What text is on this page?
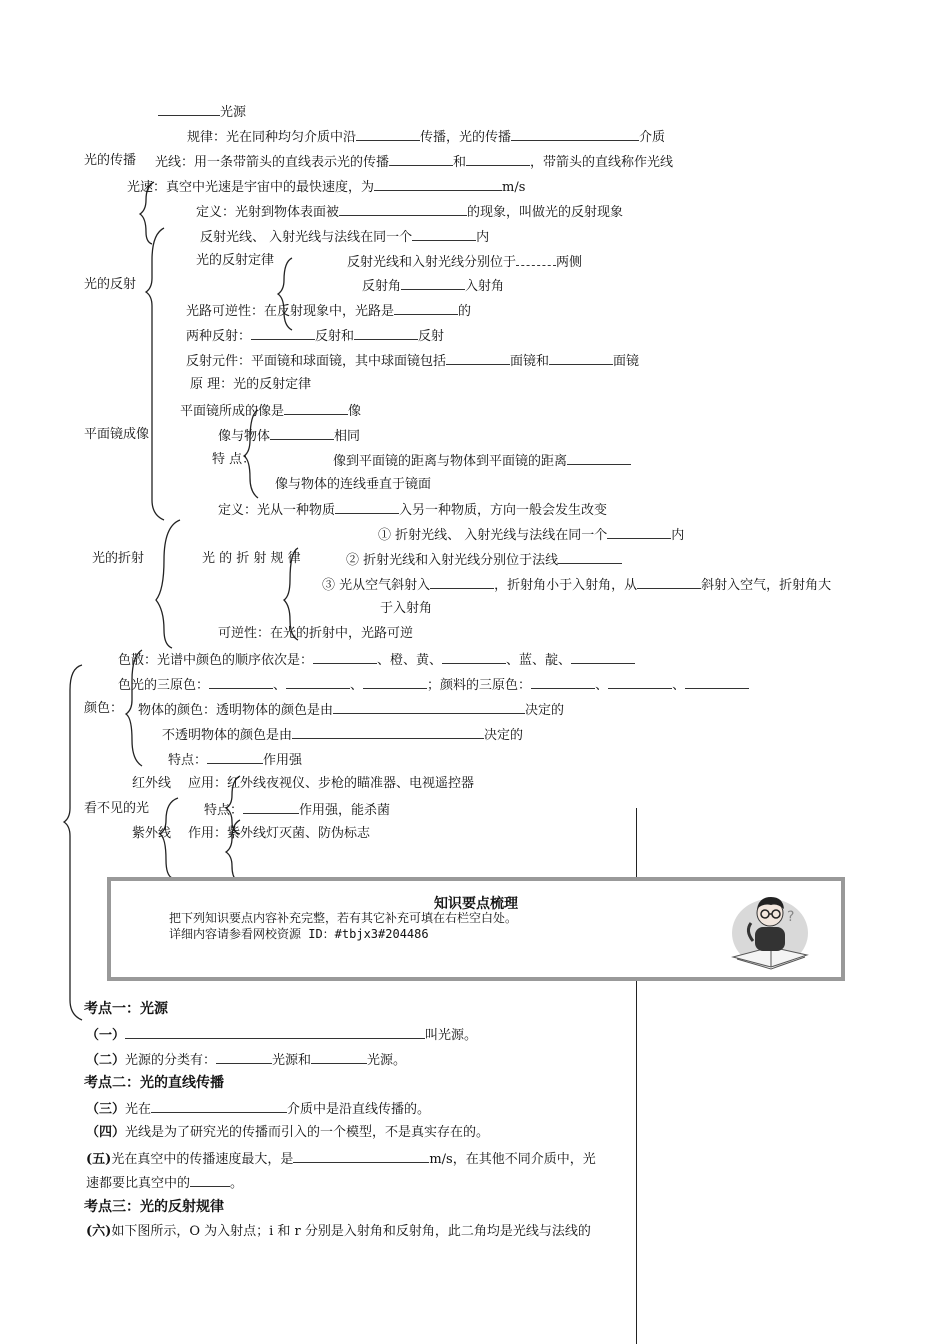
光源
规律：光在同种均匀介质中沿	传播，光的传播	介质
光的传播 光线：用一条带箭头的直线表示光的传播	和	，带箭头的直线称作光线
光速：真空中光速是宇宙中的最快速度，为	m/s
定义：光射到物体表面被	的现象，叫做光的反射现象
反射光线、 入射光线与法线在同一个	内
光的反射定律	反射光线和入射光线分别位于	两侧
光的反射	反射角	入射角
光路可逆性：在反射现象中，光路是	的
两种反射：	反射和	反射
反射元件：平面镜和球面镜，其中球面镜包括	面镜和	面镜
原 理：光的反射定律
平面镜所成的像是	像
平面镜成像	像与物体	相同
特 点：	像到平面镜的距离与物体到平面镜的距离
像与物体的连线垂直于镜面
定义：光从一种物质	入另一种物质，方向一般会发生改变
① 折射光线、 入射光线与法线在同一个	内
光的折射	光 的 折 射 规 律	② 折射光线和入射光线分别位于法线
③ 光从空气斜射入	，折射角小于入射角，从	斜射入空气，折射角大
于入射角
可逆性：在光的折射中，光路可逆
色散：光谱中颜色的顺序依次是：	、橙、黄、	、蓝、靛、
色光的三原色：	、	、	；颜料的三原色：	、	、
颜色： 物体的颜色：透明物体的颜色是由	决定的
不透明物体的颜色是由	决定的
特点：	作用强
红外线 应用：红外线夜视仪、步枪的瞄准器、电视遥控器
看不见的光	特点：	作用强，能杀菌
紫外线 作用：紫外线灯灭菌、防伪标志
知识要点梳理
把下列知识要点内容补充完整，若有其它补充可填在右栏空白处。
详细内容请参看网校资源 ID：#tbjx3#204486
?
考点一：光源
（一）	叫光源。
（二）光源的分类有：	光源和	光源。
考点二：光的直线传播
（三）光在	介质中是沿直线传播的。
（四）光线是为了研究光的传播而引入的一个模型，不是真实存在的。
(五)光在真空中的传播速度最大，是	m/s，在其他不同介质中，光
速都要比真空中的	。
考点三：光的反射规律
(六)如下图所示，O 为入射点；i 和 r 分别是入射角和反射角，此二角均是光线与法线的
